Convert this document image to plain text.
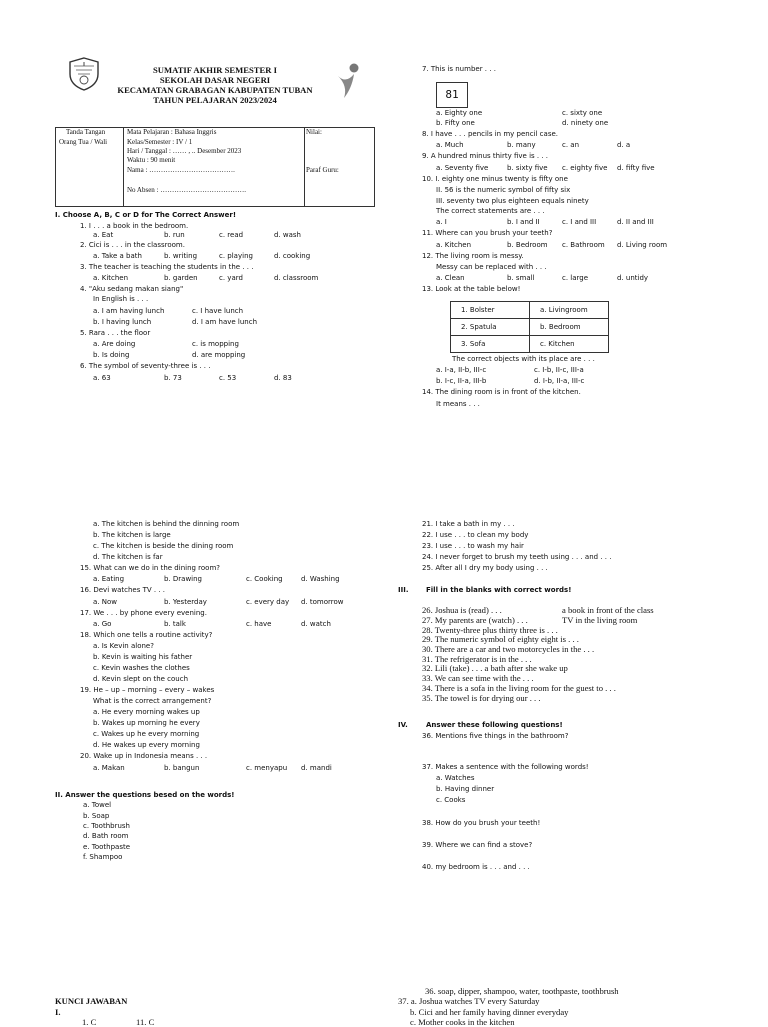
SUMATIF AKHIR SEMESTER I
SEKOLAH DASAR NEGERI
KECAMATAN GRABAGAN KABUPATEN TUBAN
TAHUN PELAJARAN 2023/2024
Tanda Tangan
Orang Tua / Wali
Mata Pelajaran : Bahasa Inggris
Kelas/Semester : IV / 1
Hari / Tanggal : …… , .. Desember 2023
Waktu : 90 menit
Nama : ……………………………….
No Absen : ……………………………….
Nilai:
Paraf Guru:
I. Choose A, B, C or D for The Correct Answer!
1. I . . . a book in the bedroom.
a. Eat	b. run	c. read	d. wash
2. Cici is . . . in the classroom.
a. Take a bath	b. writing	c. playing	d. cooking
3. The teacher is teaching the students in the . . .
a. Kitchen	b. garden	c. yard	d. classroom
4. "Aku sedang makan siang"
In English is . . .
a. I am having lunch	c. I have lunch
b. I having lunch	d. I am have lunch
5. Rara . . . the floor
a. Are doing	c. is mopping
b. Is doing	d. are mopping
6. The symbol of seventy-three is . . .
a. 63	b. 73	c. 53	d. 83
7. This is number . . .
81
a. Eighty one	c. sixty one
b. Fifty one	d. ninety one
8. I have . . . pencils in my pencil case.
a. Much	b. many	c. an	d. a
9. A hundred minus thirty five is . . .
a. Seventy five	b. sixty five c. eighty five d. fifty five
10. I. eighty one minus twenty is fifty one
II. 56 is the numeric symbol of fifty six
III. seventy two plus eighteen equals ninety
The correct statements are . . .
a. I	b. I and II	c. I and III	d. II and III
11. Where can you brush your teeth?
a. Kitchen	b. Bedroom c. Bathroom d. Living room
12. The living room is messy.
Messy can be replaced with . . .
a. Clean	b. small	c. large	d. untidy
13. Look at the table below!
1. Bolster	a. Livingroom
2. Spatula	b. Bedroom
3. Sofa	c. Kitchen
The correct objects with its place are . . .
a. I-a, II-b, III-c	c. I-b, II-c, III-a
b. I-c, II-a, III-b	d. I-b, II-a, III-c
14. The dining room is in front of the kitchen.
It means . . .
a. The kitchen is behind the dinning room
b. The kitchen is large
c. The kitchen is beside the dining room
d. The kitchen is far
15. What can we do in the dining room?
a. Eating	b. Drawing	c. Cooking	d. Washing
16. Devi watches TV . . .
a. Now	b. Yesterday	c. every day d. tomorrow
17. We . . . by phone every evening.
a. Go	b. talk	c. have	d. watch
18. Which one tells a routine activity?
a. Is Kevin alone?
b. Kevin is waiting his father
c. Kevin washes the clothes
d. Kevin slept on the couch
19. He – up – morning – every – wakes
What is the correct arrangement?
a. He every morning wakes up
b. Wakes up morning he every
c. Wakes up he every morning
d. He wakes up every morning
20. Wake up in Indonesia means . . .
a. Makan	b. bangun	c. menyapu d. mandi
II. Answer the questions besed on the words!
a. Towel
b. Soap
c. Toothbrush
d. Bath room
e. Toothpaste
f. Shampoo
21. I take a bath in my . . .
22. I use . . . to clean my body
23. I use . . . to wash my hair
24. I never forget to brush my teeth using . . . and . . .
25. After all I dry my body using . . .
III.	Fill in the blanks with correct words!
26. Joshua is (read) . . .	a book in front of the class
27. My parents are (watch) . . .	TV in the living room
28. Twenty-three plus thirty three is . . .
29. The numeric symbol of eighty eight is . . .
30. There are a car and two motorcycles in the . . .
31. The refrigerator is in the . . .
32. Lili (take) . . . a bath after she wake up
33. We can see time with the . . .
34. There is a sofa in the living room for the guest to . . .
35. The towel is for drying our . . .
IV.	Answer these following questions!
36. Mentions five things in the bathroom?
37. Makes a sentence with the following words!
a. Watches
b. Having dinner
c. Cooks
38. How do you brush your teeth!
39. Where we can find a stove?
40. my bedroom is . . . and . . .
36. soap, dipper, shampoo, water, toothpaste, toothbrush
KUNCI JAWABAN	37. a. Joshua watches TV every Saturday
I.	b. Cici and her family having dinner everyday
1. C	11. C	c. Mother cooks in the kitchen
